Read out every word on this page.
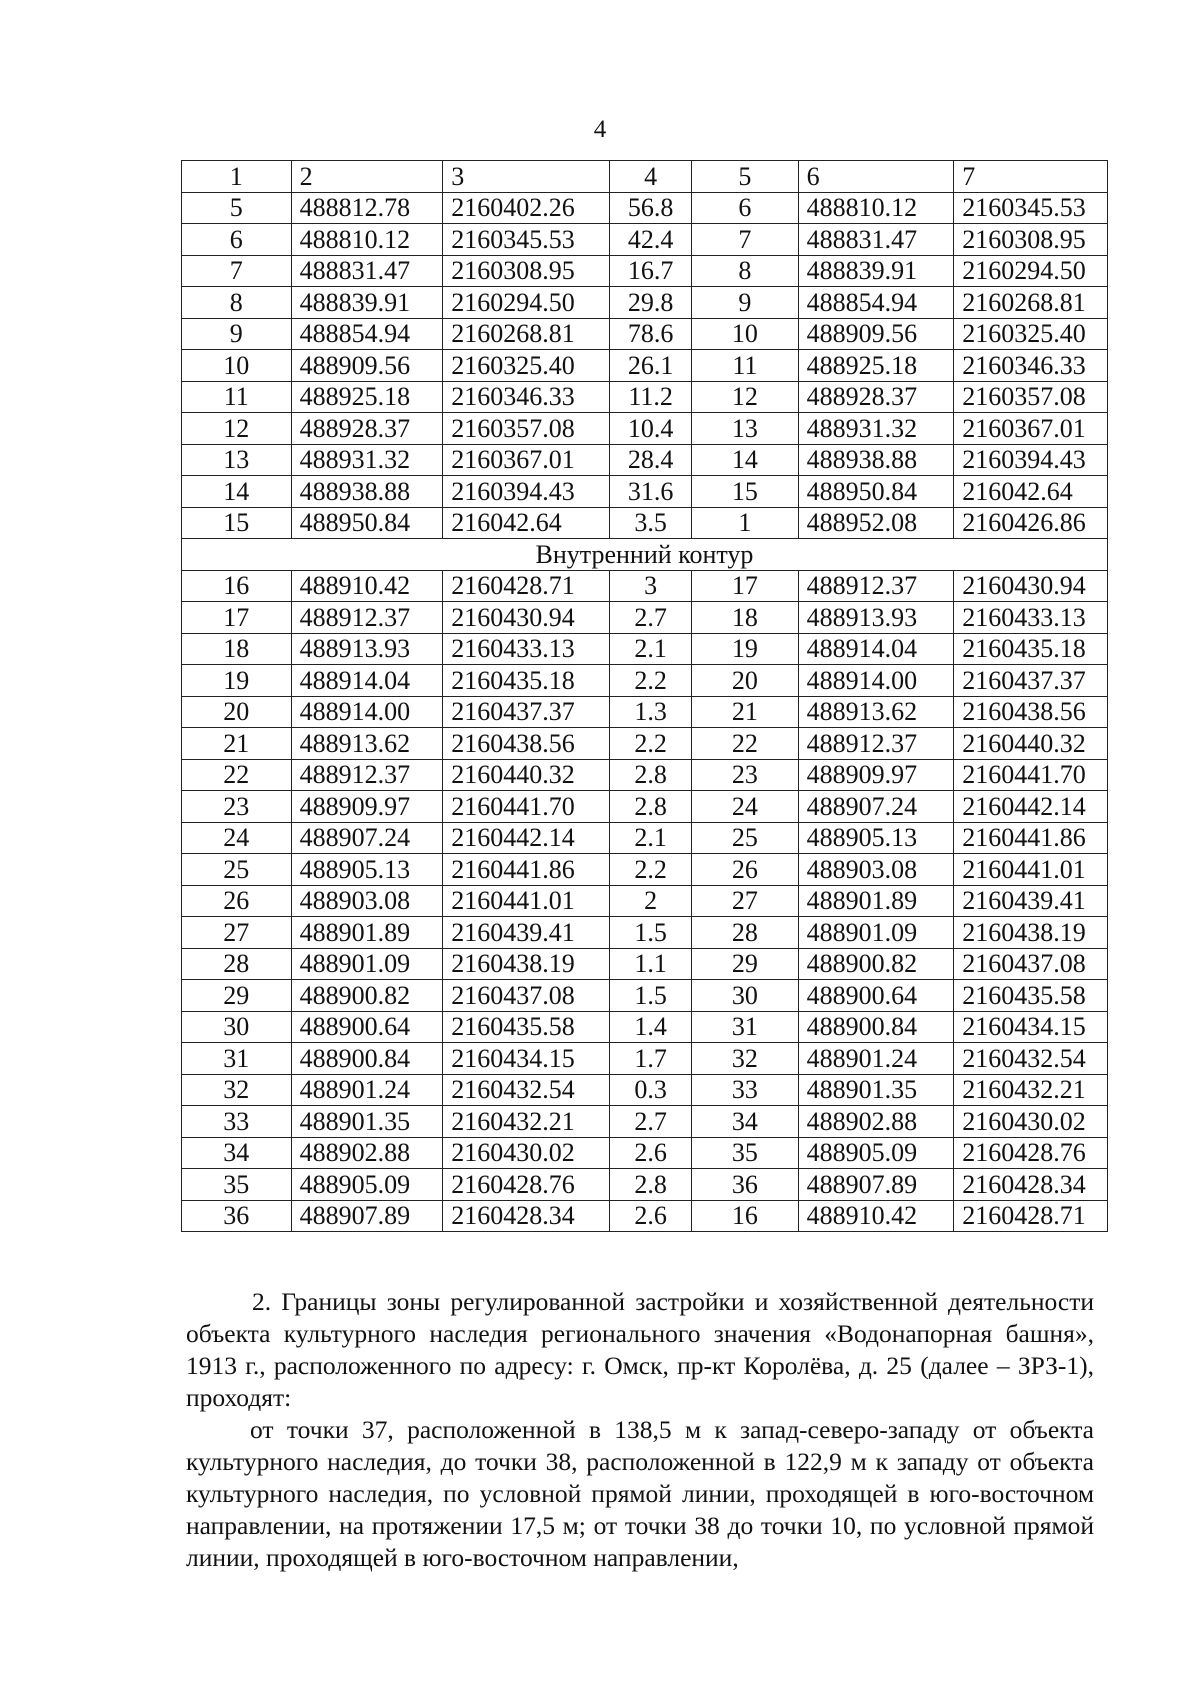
4
1	2	3	4	5	6	7
5	488812.78	2160402.26	56.8	6	488810.12	2160345.53
6	488810.12	2160345.53	42.4	7	488831.47	2160308.95
7	488831.47	2160308.95	16.7	8	488839.91	2160294.50
8	488839.91	2160294.50	29.8	9	488854.94	2160268.81
9	488854.94	2160268.81	78.6	10	488909.56	2160325.40
10	488909.56	2160325.40	26.1	11	488925.18	2160346.33
11	488925.18	2160346.33	11.2	12	488928.37	2160357.08
12	488928.37	2160357.08	10.4	13	488931.32	2160367.01
13	488931.32	2160367.01	28.4	14	488938.88	2160394.43
14	488938.88	2160394.43	31.6	15	488950.84	216042.64
15	488950.84	216042.64	3.5	1	488952.08	2160426.86
Внутренний контур						
16	488910.42	2160428.71	3	17	488912.37	2160430.94
17	488912.37	2160430.94	2.7	18	488913.93	2160433.13
18	488913.93	2160433.13	2.1	19	488914.04	2160435.18
19	488914.04	2160435.18	2.2	20	488914.00	2160437.37
20	488914.00	2160437.37	1.3	21	488913.62	2160438.56
21	488913.62	2160438.56	2.2	22	488912.37	2160440.32
22	488912.37	2160440.32	2.8	23	488909.97	2160441.70
23	488909.97	2160441.70	2.8	24	488907.24	2160442.14
24	488907.24	2160442.14	2.1	25	488905.13	2160441.86
25	488905.13	2160441.86	2.2	26	488903.08	2160441.01
26	488903.08	2160441.01	2	27	488901.89	2160439.41
27	488901.89	2160439.41	1.5	28	488901.09	2160438.19
28	488901.09	2160438.19	1.1	29	488900.82	2160437.08
29	488900.82	2160437.08	1.5	30	488900.64	2160435.58
30	488900.64	2160435.58	1.4	31	488900.84	2160434.15
31	488900.84	2160434.15	1.7	32	488901.24	2160432.54
32	488901.24	2160432.54	0.3	33	488901.35	2160432.21
33	488901.35	2160432.21	2.7	34	488902.88	2160430.02
34	488902.88	2160430.02	2.6	35	488905.09	2160428.76
35	488905.09	2160428.76	2.8	36	488907.89	2160428.34
36	488907.89	2160428.34	2.6	16	488910.42	2160428.71

2. Границы зоны регулированной застройки и хозяйственной деятельности объекта культурного наследия регионального значения «Водонапорная башня», 1913 г., расположенного по адресу: г. Омск, пр-кт Королёва, д. 25 (далее – ЗРЗ-1), проходят:

от точки 37, расположенной в 138,5 м к запад-северо-западу от объекта культурного наследия, до точки 38, расположенной в 122,9 м к западу от объекта культурного наследия, по условной прямой линии, проходящей в юго-восточном направлении, на протяжении 17,5 м; от точки 38 до точки 10, по условной прямой линии, проходящей в юго-восточном направлении,
